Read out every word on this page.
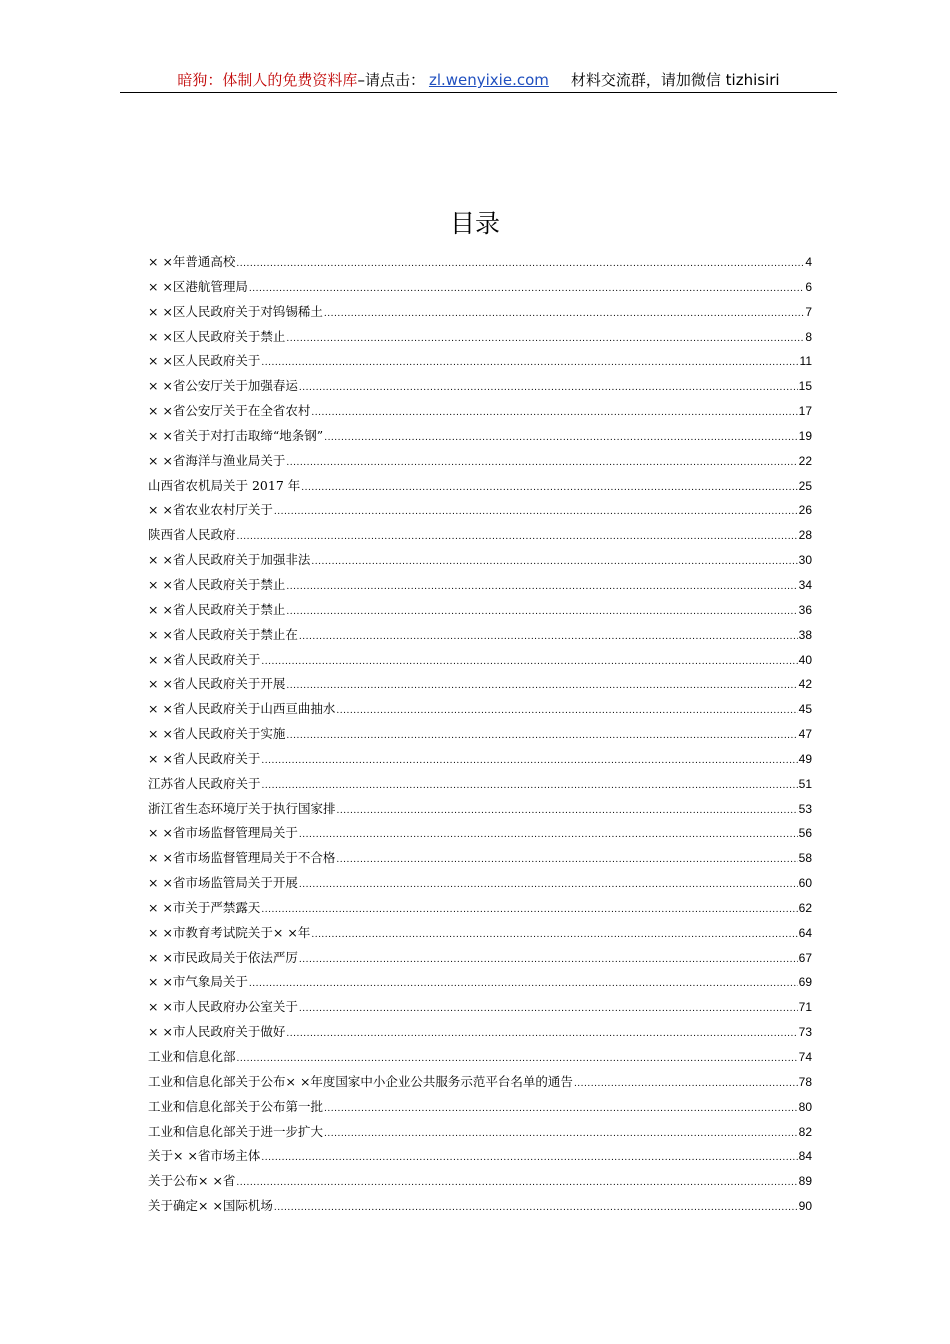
暗狗：体制人的免费资料库–请点击： zl.wenyixie.com 材料交流群，请加微信 tizhisiri
目录
× ×年普通高校 .....	4
× ×区港航管理局 .....	6
× ×区人民政府关于对钨锡稀土 .....	7
× ×区人民政府关于禁止 .....	8
× ×区人民政府关于 .....	11
× ×省公安厅关于加强春运 .....	15
× ×省公安厅关于在全省农村 .....	17
× ×省关于对打击取缔“地条钢” .....	19
× ×省海洋与渔业局关于 .....	22
山西省农机局关于 2017 年 .....	25
× ×省农业农村厅关于 .....	26
陕西省人民政府 .....	28
× ×省人民政府关于加强非法 .....	30
× ×省人民政府关于禁止 .....	34
× ×省人民政府关于禁止 .....	36
× ×省人民政府关于禁止在 .....	38
× ×省人民政府关于 .....	40
× ×省人民政府关于开展 .....	42
× ×省人民政府关于山西亘曲抽水 .....	45
× ×省人民政府关于实施 .....	47
× ×省人民政府关于 .....	49
江苏省人民政府关于 .....	51
浙江省生态环境厅关于执行国家排 .....	53
× ×省市场监督管理局关于 .....	56
× ×省市场监督管理局关于不合格 .....	58
× ×省市场监管局关于开展 .....	60
× ×市关于严禁露天 .....	62
× ×市教育考试院关于× ×年 .....	64
× ×市民政局关于依法严厉 .....	67
× ×市气象局关于 .....	69
× ×市人民政府办公室关于 .....	71
× ×市人民政府关于做好 .....	73
工业和信息化部 .....	74
工业和信息化部关于公布× ×年度国家中小企业公共服务示范平台名单的通告 .....	78
工业和信息化部关于公布第一批 .....	80
工业和信息化部关于进一步扩大 .....	82
关于× ×省市场主体 .....	84
关于公布× ×省 .....	89
关于确定× ×国际机场 .....	90
